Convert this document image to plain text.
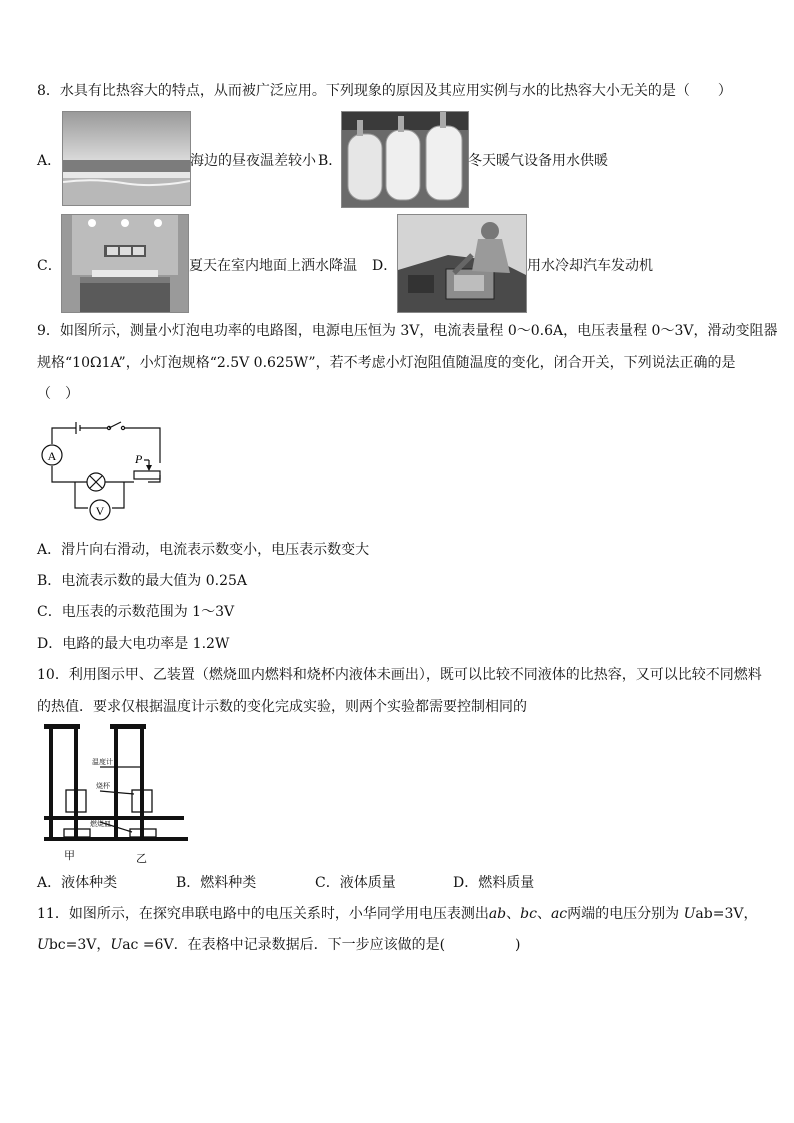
8．水具有比热容大的特点，从而被广泛应用。下列现象的原因及其应用实例与水的比热容大小无关的是（　　）
A．	海边的昼夜温差较小 B．	冬天暖气设备用水供暖
C．	夏天在室内地面上洒水降温 D．	用水冷却汽车发动机
9．如图所示，测量小灯泡电功率的电路图，电源电压恒为 3V，电流表量程 0～0.6A，电压表量程 0～3V，滑动变阻器
规格“10Ω1A”，小灯泡规格“2.5V 0.625W”，若不考虑小灯泡阻值随温度的变化，闭合开关，下列说法正确的是
（　）
A
V
P
A．滑片向右滑动，电流表示数变小，电压表示数变大
B．电流表示数的最大值为 0.25A
C．电压表的示数范围为 1～3V
D．电路的最大电功率是 1.2W
10．利用图示甲、乙装置（燃烧皿内燃料和烧杯内液体未画出），既可以比较不同液体的比热容，又可以比较不同燃料
的热值．要求仅根据温度计示数的变化完成实验，则两个实验都需要控制相同的
温度计
烧杯
燃烧皿
甲	乙
A．液体种类	B．燃料种类	C．液体质量	D．燃料质量
11．如图所示，在探究串联电路中的电压关系时，小华同学用电压表测出ab、bc、ac两端的电压分别为 Uab=3V，
Ubc=3V，Uac =6V．在表格中记录数据后．下一步应该做的是(　　　　　)
